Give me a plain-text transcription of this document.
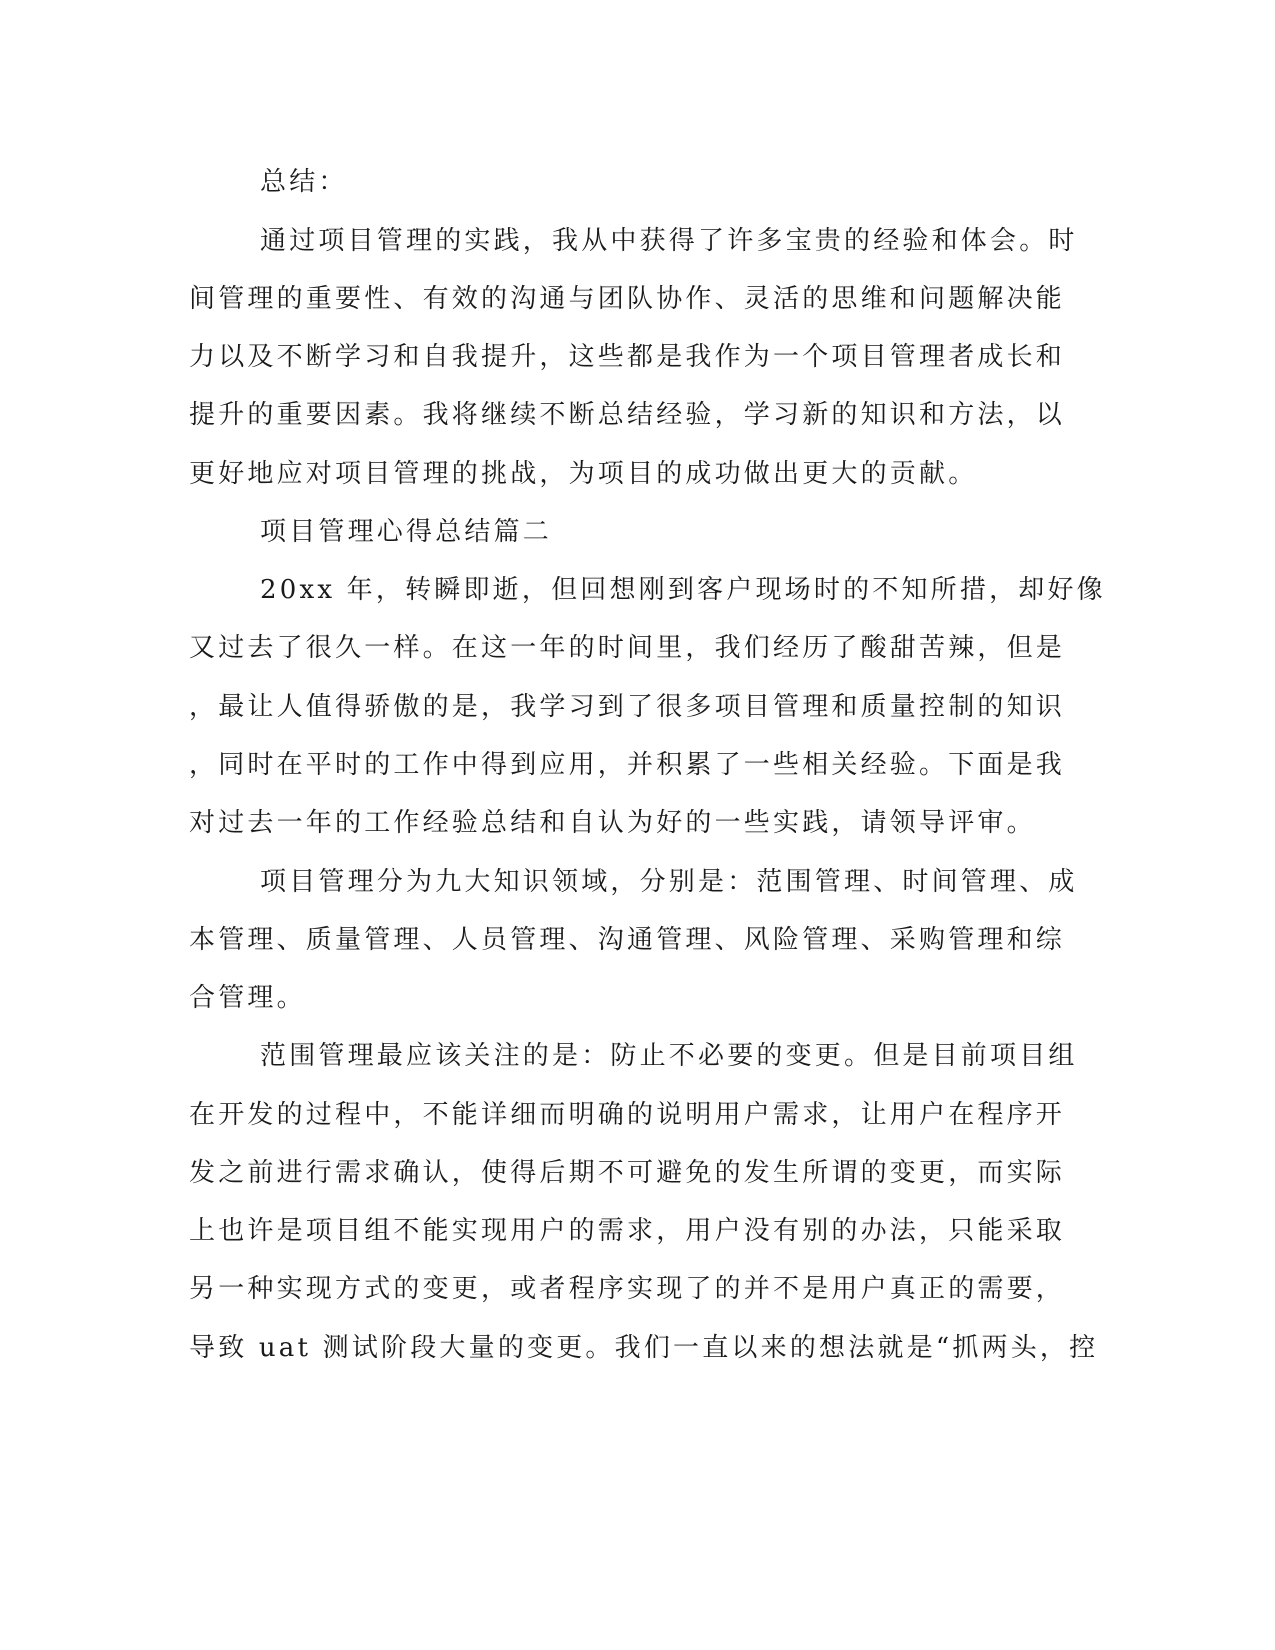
总结：
通过项目管理的实践，我从中获得了许多宝贵的经验和体会。时
间管理的重要性、有效的沟通与团队协作、灵活的思维和问题解决能
力以及不断学习和自我提升，这些都是我作为一个项目管理者成长和
提升的重要因素。我将继续不断总结经验，学习新的知识和方法，以
更好地应对项目管理的挑战，为项目的成功做出更大的贡献。
项目管理心得总结篇二
20xx 年，转瞬即逝，但回想刚到客户现场时的不知所措，却好像
又过去了很久一样。在这一年的时间里，我们经历了酸甜苦辣，但是
，最让人值得骄傲的是，我学习到了很多项目管理和质量控制的知识
，同时在平时的工作中得到应用，并积累了一些相关经验。下面是我
对过去一年的工作经验总结和自认为好的一些实践，请领导评审。
项目管理分为九大知识领域，分别是：范围管理、时间管理、成
本管理、质量管理、人员管理、沟通管理、风险管理、采购管理和综
合管理。
范围管理最应该关注的是：防止不必要的变更。但是目前项目组
在开发的过程中，不能详细而明确的说明用户需求，让用户在程序开
发之前进行需求确认，使得后期不可避免的发生所谓的变更，而实际
上也许是项目组不能实现用户的需求，用户没有别的办法，只能采取
另一种实现方式的变更，或者程序实现了的并不是用户真正的需要，
导致 uat 测试阶段大量的变更。我们一直以来的想法就是“抓两头，控
